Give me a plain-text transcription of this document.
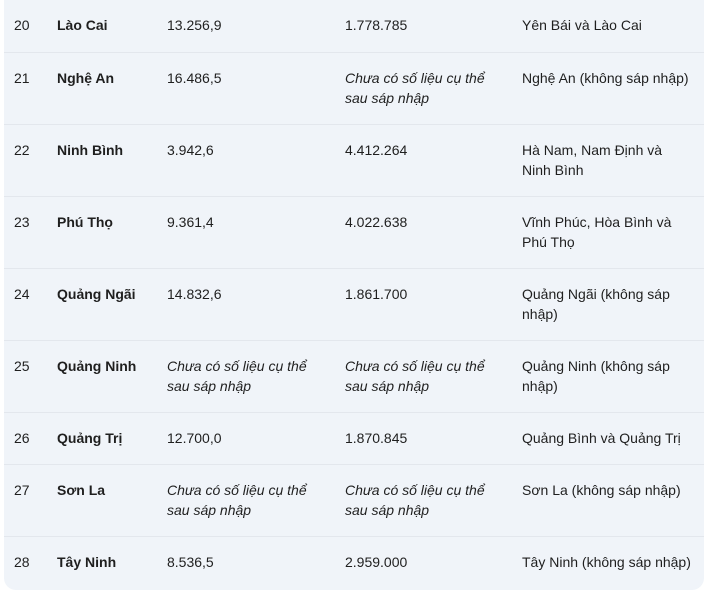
20	Lào Cai	13.256,9	1.778.785	Yên Bái và Lào Cai
21	Nghệ An	16.486,5	Chưa có số liệu cụ thể sau sáp nhập	Nghệ An (không sáp nhập)
22	Ninh Bình	3.942,6	4.412.264	Hà Nam, Nam Định và Ninh Bình
23	Phú Thọ	9.361,4	4.022.638	Vĩnh Phúc, Hòa Bình và Phú Thọ
24	Quảng Ngãi	14.832,6	1.861.700	Quảng Ngãi (không sáp nhập)
25	Quảng Ninh	Chưa có số liệu cụ thể sau sáp nhập	Chưa có số liệu cụ thể sau sáp nhập	Quảng Ninh (không sáp nhập)
26	Quảng Trị	12.700,0	1.870.845	Quảng Bình và Quảng Trị
27	Sơn La	Chưa có số liệu cụ thể sau sáp nhập	Chưa có số liệu cụ thể sau sáp nhập	Sơn La (không sáp nhập)
28	Tây Ninh	8.536,5	2.959.000	Tây Ninh (không sáp nhập)
